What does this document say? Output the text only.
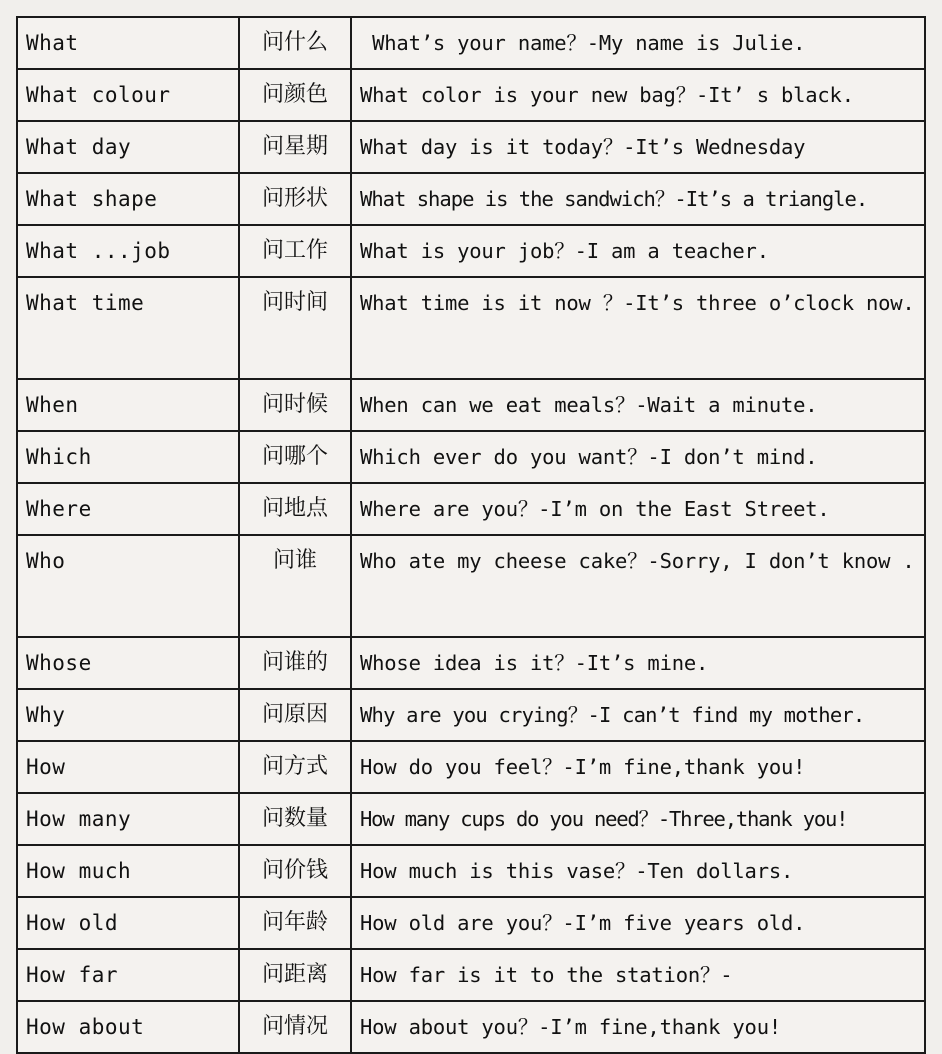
What	问什么	What’s your name？-My name is Julie.
What colour	问颜色	What color is your new bag？-It’ s black.
What day	问星期	What day is it today？-It’s Wednesday
What shape	问形状	What shape is the sandwich？-It’s a triangle.
What ...job	问工作	What is your job？-I am a teacher.
What time	问时间	What time is it now ？-It’s three o’clock now.
When	问时候	When can we eat meals？-Wait a minute.
Which	问哪个	Which ever do you want？-I don’t mind.
Where	问地点	Where are you？-I’m on the East Street.
Who	问谁	Who ate my cheese cake？-Sorry, I don’t know .
Whose	问谁的	Whose idea is it？-It’s mine.
Why	问原因	Why are you crying？-I can’t find my mother.
How	问方式	How do you feel？-I’m fine,thank you!
How many	问数量	How many cups do you need？-Three,thank you!
How much	问价钱	How much is this vase？-Ten dollars.
How old	问年龄	How old are you？-I’m five years old.
How far	问距离	How far is it to the station？-
How about	问情况	How about you？-I’m fine,thank you!
